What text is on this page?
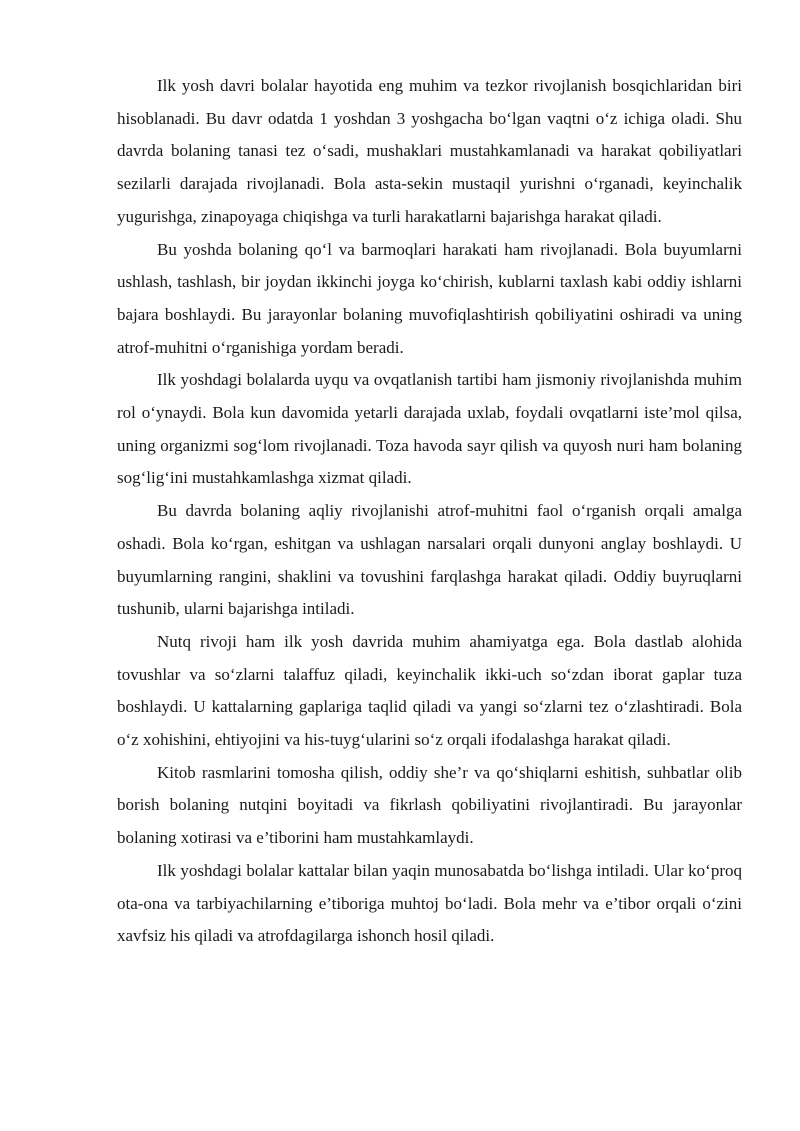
Ilk yosh davri bolalar hayotida eng muhim va tezkor rivojlanish bosqichlaridan biri hisoblanadi. Bu davr odatda 1 yoshdan 3 yoshgacha bo‘lgan vaqtni o‘z ichiga oladi. Shu davrda bolaning tanasi tez o‘sadi, mushaklari mustahkamlanadi va harakat qobiliyatlari sezilarli darajada rivojlanadi. Bola asta-sekin mustaqil yurishni o‘rganadi, keyinchalik yugurishga, zinapoyaga chiqishga va turli harakatlarni bajarishga harakat qiladi.

Bu yoshda bolaning qo‘l va barmoqlari harakati ham rivojlanadi. Bola buyumlarni ushlash, tashlash, bir joydan ikkinchi joyga ko‘chirish, kublarni taxlash kabi oddiy ishlarni bajara boshlaydi. Bu jarayonlar bolaning muvofiqlashtirish qobiliyatini oshiradi va uning atrof-muhitni o‘rganishiga yordam beradi.

Ilk yoshdagi bolalarda uyqu va ovqatlanish tartibi ham jismoniy rivojlanishda muhim rol o‘ynaydi. Bola kun davomida yetarli darajada uxlab, foydali ovqatlarni iste’mol qilsa, uning organizmi sog‘lom rivojlanadi. Toza havoda sayr qilish va quyosh nuri ham bolaning sog‘lig‘ini mustahkamlashga xizmat qiladi.

Bu davrda bolaning aqliy rivojlanishi atrof-muhitni faol o‘rganish orqali amalga oshadi. Bola ko‘rgan, eshitgan va ushlagan narsalari orqali dunyoni anglay boshlaydi. U buyumlarning rangini, shaklini va tovushini farqlashga harakat qiladi. Oddiy buyruqlarni tushunib, ularni bajarishga intiladi.

Nutq rivoji ham ilk yosh davrida muhim ahamiyatga ega. Bola dastlab alohida tovushlar va so‘zlarni talaffuz qiladi, keyinchalik ikki-uch so‘zdan iborat gaplar tuza boshlaydi. U kattalarning gaplariga taqlid qiladi va yangi so‘zlarni tez o‘zlashtiradi. Bola o‘z xohishini, ehtiyojini va his-tuyg‘ularini so‘z orqali ifodalashga harakat qiladi.

Kitob rasmlarini tomosha qilish, oddiy she’r va qo‘shiqlarni eshitish, suhbatlar olib borish bolaning nutqini boyitadi va fikrlash qobiliyatini rivojlantiradi. Bu jarayonlar bolaning xotirasi va e’tiborini ham mustahkamlaydi.

Ilk yoshdagi bolalar kattalar bilan yaqin munosabatda bo‘lishga intiladi. Ular ko‘proq ota-ona va tarbiyachilarning e’tiboriga muhtoj bo‘ladi. Bola mehr va e’tibor orqali o‘zini xavfsiz his qiladi va atrofdagilarga ishonch hosil qiladi.
